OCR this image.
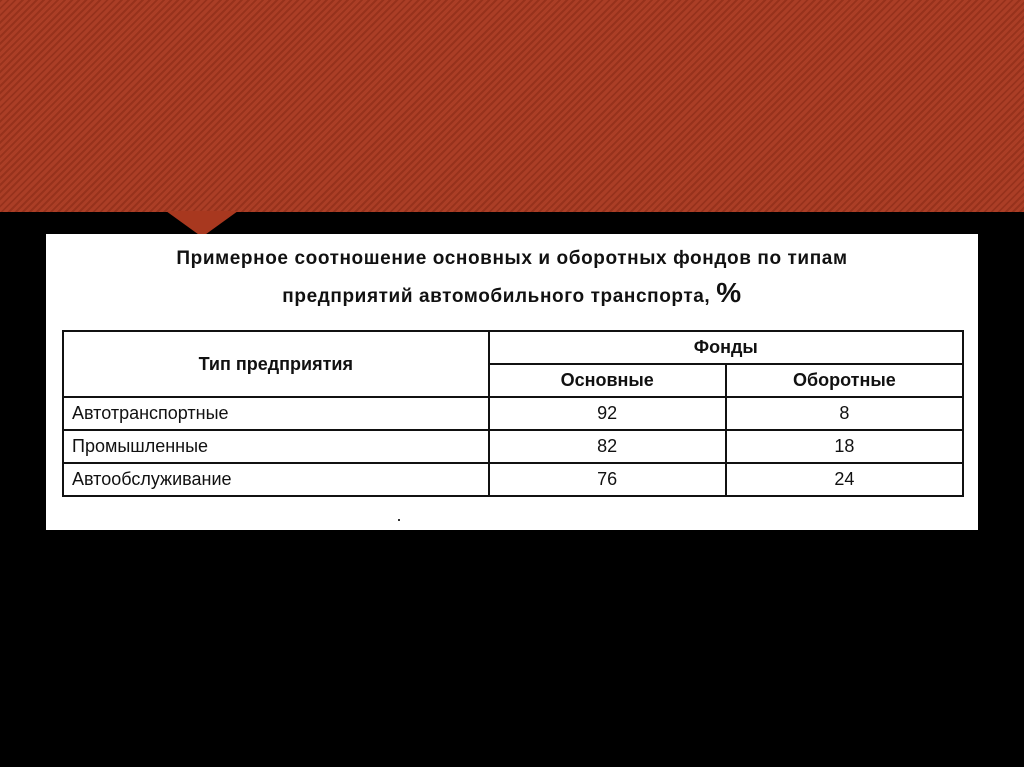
Примерное соотношение основных и оборотных фондов по типам
предприятий автомобильного транспорта, %
Тип предприятия	Фонды	
	Основные	Оборотные
Автотранспортные	92	8
Промышленные	82	18
Автообслуживание	76	24
